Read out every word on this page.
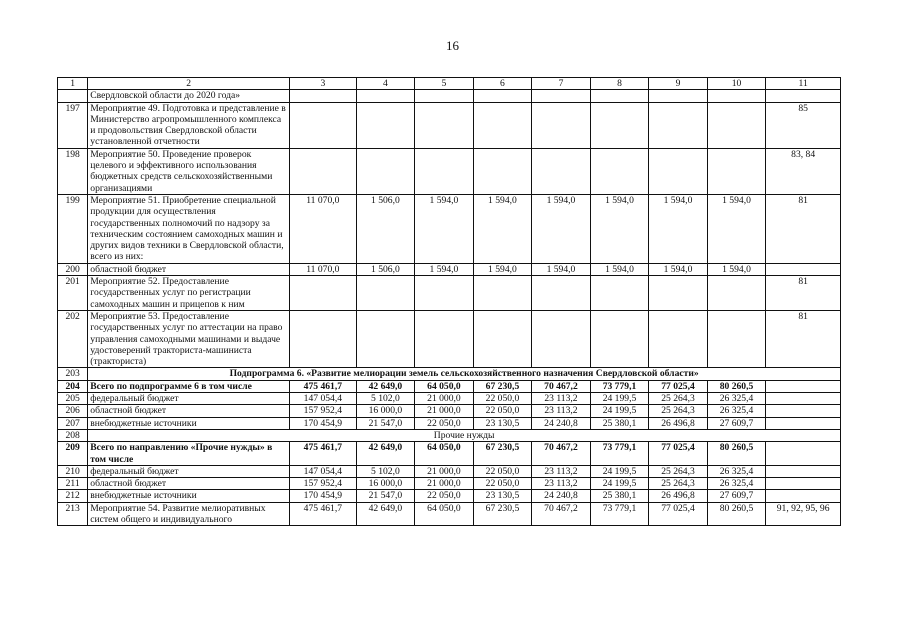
16
1	2	3	4	5	6	7	8	9	10	11
	Свердловской области до 2020 года»									
197	Мероприятие 49. Подготовка и представление в Министерство агропромышленного комплекса и продовольствия Свердловской области установленной отчетности									85
198	Мероприятие 50. Проведение проверок целевого и эффективного использования бюджетных средств сельскохозяйственными организациями									83, 84
199	Мероприятие 51. Приобретение специальной продукции для осуществления государственных полномочий по надзору за техническим состоянием самоходных машин и других видов техники в Свердловской области, всего из них:	11 070,0	1 506,0	1 594,0	1 594,0	1 594,0	1 594,0	1 594,0	1 594,0	81
200	областной бюджет	11 070,0	1 506,0	1 594,0	1 594,0	1 594,0	1 594,0	1 594,0	1 594,0	
201	Мероприятие 52. Предоставление государственных услуг по регистрации самоходных машин и прицепов к ним									81
202	Мероприятие 53. Предоставление государственных услуг по аттестации на право управления самоходными машинами и выдаче удостоверений тракториста-машиниста (тракториста)									81
203	Подпрограмма 6. «Развитие мелиорации земель сельскохозяйственного назначения Свердловской области»									
204	Всего по подпрограмме 6 в том числе	475 461,7	42 649,0	64 050,0	67 230,5	70 467,2	73 779,1	77 025,4	80 260,5	
205	федеральный бюджет	147 054,4	5 102,0	21 000,0	22 050,0	23 113,2	24 199,5	25 264,3	26 325,4	
206	областной бюджет	157 952,4	16 000,0	21 000,0	22 050,0	23 113,2	24 199,5	25 264,3	26 325,4	
207	внебюджетные источники	170 454,9	21 547,0	22 050,0	23 130,5	24 240,8	25 380,1	26 496,8	27 609,7	
208	Прочие нужды									
209	Всего по направлению «Прочие нужды» в том числе	475 461,7	42 649,0	64 050,0	67 230,5	70 467,2	73 779,1	77 025,4	80 260,5	
210	федеральный бюджет	147 054,4	5 102,0	21 000,0	22 050,0	23 113,2	24 199,5	25 264,3	26 325,4	
211	областной бюджет	157 952,4	16 000,0	21 000,0	22 050,0	23 113,2	24 199,5	25 264,3	26 325,4	
212	внебюджетные источники	170 454,9	21 547,0	22 050,0	23 130,5	24 240,8	25 380,1	26 496,8	27 609,7	
213	Мероприятие 54. Развитие мелиоративных систем общего и индивидуального	475 461,7	42 649,0	64 050,0	67 230,5	70 467,2	73 779,1	77 025,4	80 260,5	91, 92, 95, 96
